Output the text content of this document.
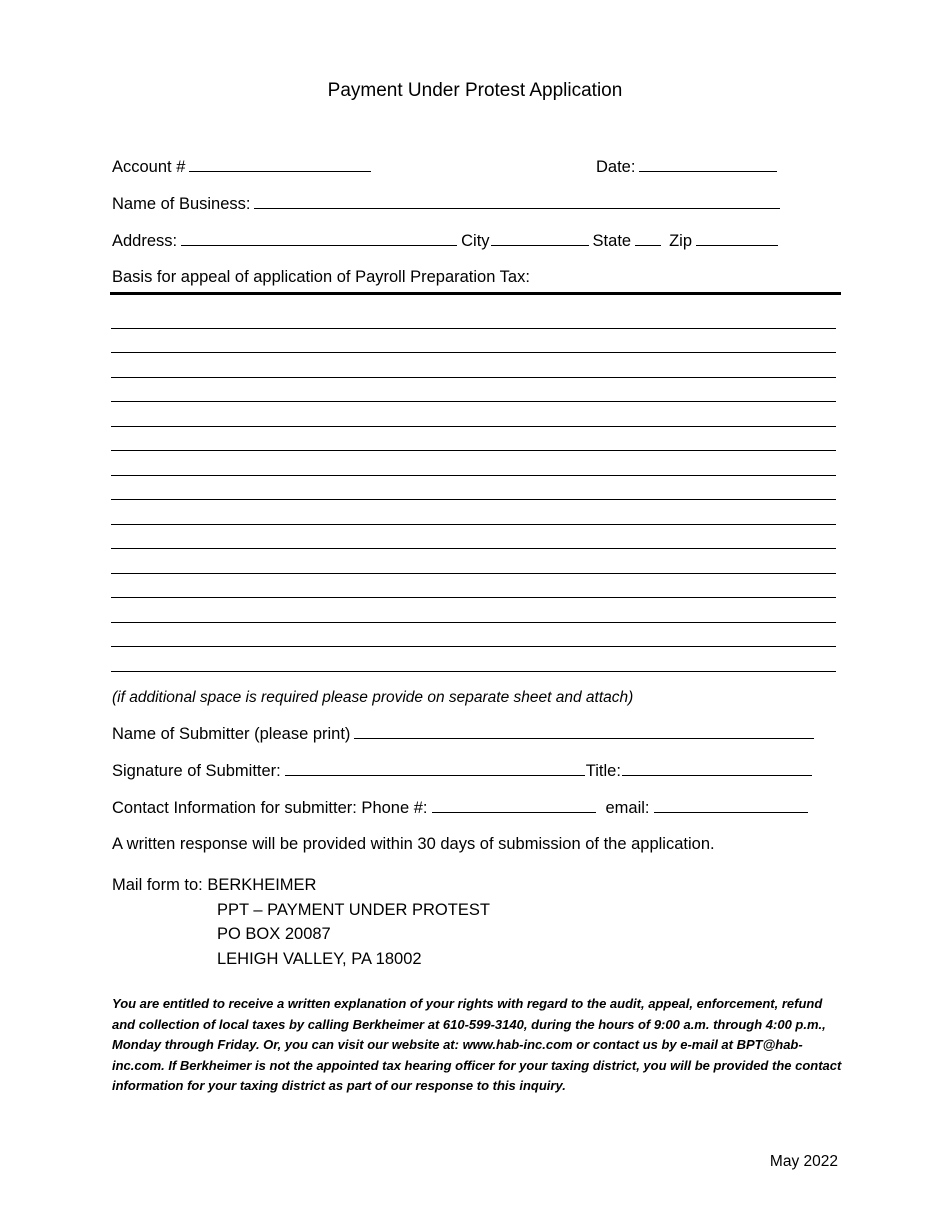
Payment Under Protest Application
Account #	Date:
Name of Business:
Address:	City	State Zip
Basis for appeal of application of Payroll Preparation Tax:
(if additional space is required please provide on separate sheet and attach)
Name of Submitter (please print)
Signature of Submitter:	Title:
Contact Information for submitter: Phone #:	email:
A written response will be provided within 30 days of submission of the application.
Mail form to: BERKHEIMER
PPT – PAYMENT UNDER PROTEST
PO BOX 20087
LEHIGH VALLEY, PA 18002
You are entitled to receive a written explanation of your rights with regard to the audit, appeal, enforcement, refund and collection of local taxes by calling Berkheimer at 610-599-3140, during the hours of 9:00 a.m. through 4:00 p.m., Monday through Friday. Or, you can visit our website at: www.hab-inc.com or contact us by e-mail at BPT@hab-inc.com. If Berkheimer is not the appointed tax hearing officer for your taxing district, you will be provided the contact information for your taxing district as part of our response to this inquiry.
May 2022
